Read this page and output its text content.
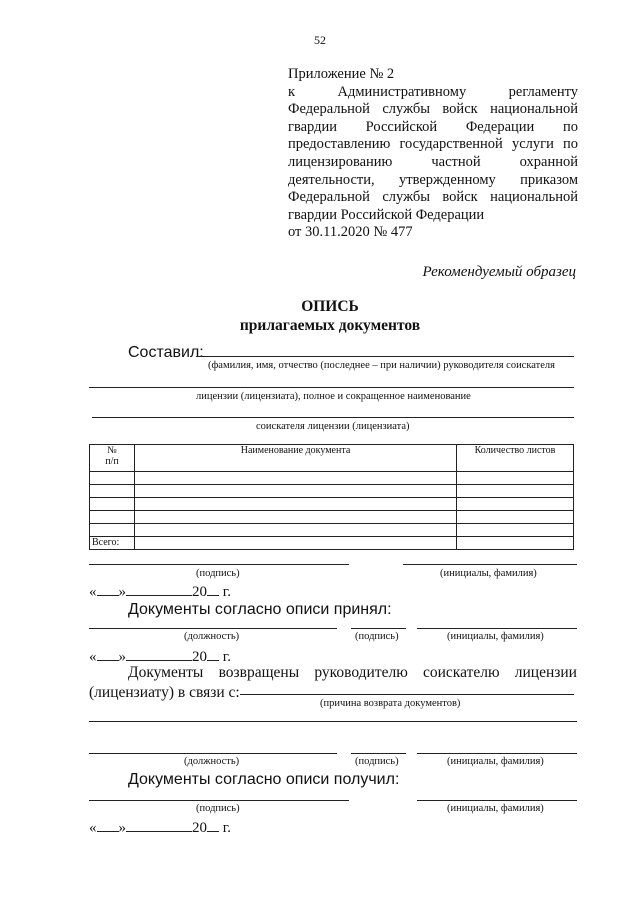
52
Приложение № 2
к Административному регламенту
Федеральной службы войск национальной
гвардии Российской Федерации по
предоставлению государственной услуги по
лицензированию частной охранной
деятельности, утвержденному приказом
Федеральной службы войск национальной
гвардии Российской Федерации
от 30.11.2020 № 477
Рекомендуемый образец
ОПИСЬ
прилагаемых документов
Составил:
(фамилия, имя, отчество (последнее – при наличии) руководителя соискателя
лицензии (лицензиата), полное и сокращенное наименование
соискателя лицензии (лицензиата)
№
п/п	Наименование документа	Количество листов

Всего:		
(подпись)	(инициалы, фамилия)
« »	20 г.
Документы согласно описи принял:
(должность)	(подпись)	(инициалы, фамилия)
« »	20 г.
Документы возвращены руководителю соискателю лицензии
(лицензиату) в связи с:
(причина возврата документов)
(должность)	(подпись)	(инициалы, фамилия)
Документы согласно описи получил:
(подпись)	(инициалы, фамилия)
« »	20 г.
